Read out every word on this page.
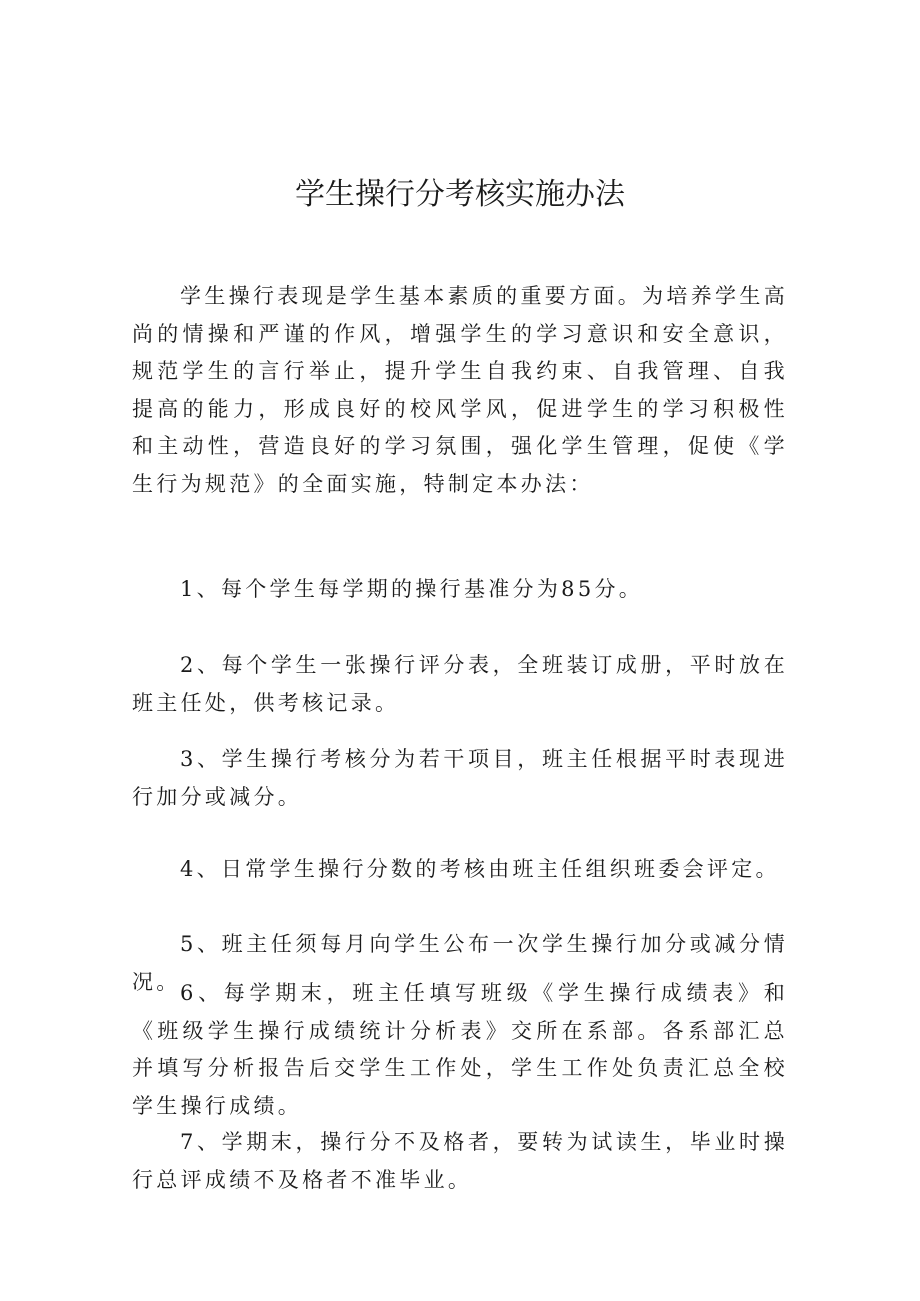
学生操行分考核实施办法

学生操行表现是学生基本素质的重要方面。为培养学生高尚的情操和严谨的作风，增强学生的学习意识和安全意识，规范学生的言行举止，提升学生自我约束、自我管理、自我提高的能力，形成良好的校风学风，促进学生的学习积极性和主动性，营造良好的学习氛围，强化学生管理，促使《学生行为规范》的全面实施，特制定本办法：

1、每个学生每学期的操行基准分为85分。

2、每个学生一张操行评分表，全班装订成册，平时放在班主任处，供考核记录。

3、学生操行考核分为若干项目，班主任根据平时表现进行加分或减分。

4、日常学生操行分数的考核由班主任组织班委会评定。

5、班主任须每月向学生公布一次学生操行加分或减分情况。 6、每学期末，班主任填写班级《学生操行成绩表》和《班级学生操行成绩统计分析表》交所在系部。各系部汇总并填写分析报告后交学生工作处，学生工作处负责汇总全校学生操行成绩。

7、学期末，操行分不及格者，要转为试读生，毕业时操行总评成绩不及格者不准毕业。
